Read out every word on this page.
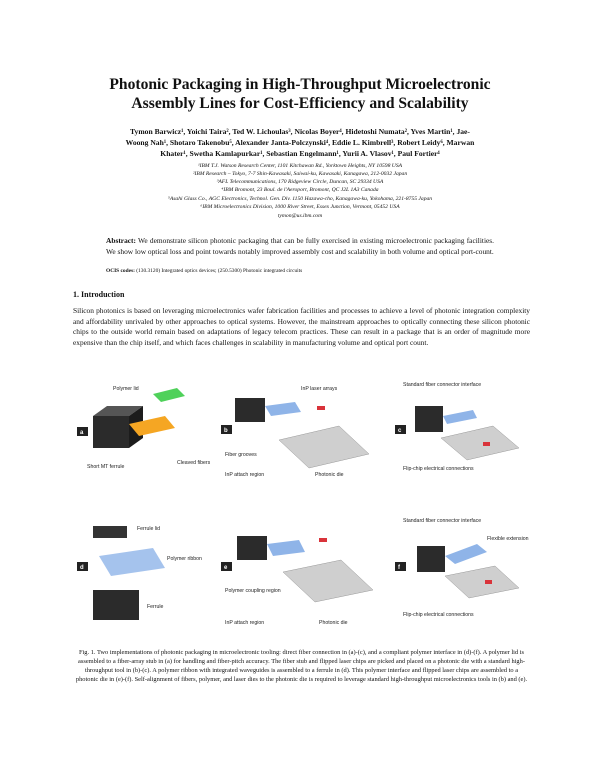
Photonic Packaging in High-Throughput Microelectronic
Assembly Lines for Cost-Efficiency and Scalability
Tymon Barwicz¹, Yoichi Taira², Ted W. Lichoulas³, Nicolas Boyer⁴, Hidetoshi Numata², Yves Martin¹, Jae-
Woong Nah¹, Shotaro Takenobu⁵, Alexander Janta-Polczynski⁴, Eddie L. Kimbrell³, Robert Leidy⁶, Marwan
Khater¹, Swetha Kamlapurkar¹, Sebastian Engelmann¹, Yurii A. Vlasov¹, Paul Fortier⁴
¹IBM T.J. Watson Research Center, 1101 Kitchawan Rd., Yorktown Heights, NY 10598 USA
²IBM Research – Tokyo, 7-7 Shin-Kawasaki, Saiwai-ku, Kawasaki, Kanagawa, 212-0032 Japan
³AFL Telecommunications, 170 Ridgeview Circle, Duncan, SC 29334 USA
⁴IBM Bromont, 23 Boul. de l'Aeroport, Bromont, QC J2L 1A3 Canada
⁵Asahi Glass Co., AGC Electronics, Technol. Gen. Div. 1150 Hazawa-cho, Kanagawa-ku, Yokohama, 221-8755 Japan
⁶IBM Microelectronics Division, 1000 River Street, Essex Junction, Vermont, 05452 USA
tymon@us.ibm.com
Abstract: We demonstrate silicon photonic packaging that can be fully exercised in existing microelectronic packaging facilities. We show low optical loss and point towards notably improved assembly cost and scalability in both volume and optical port-count.
OCIS codes: (130.3120) Integrated optics devices; (250.5300) Photonic integrated circuits
1. Introduction
Silicon photonics is based on leveraging microelectronics wafer fabrication facilities and processes to achieve a level of photonic integration complexity and affordability unrivaled by other approaches to optical systems. However, the mainstream approaches to optically connecting these silicon photonic chips to the outside world remain based on adaptations of legacy telecom practices. These can result in a package that is an order of magnitude more expensive than the chip itself, and which faces challenges in scalability in manufacturing volume and optical port count.
a
Polymer lid
Short MT ferrule
Cleaved fibers
b
InP laser arrays
Fiber grooves
InP attach region	Photonic die
c
Standard fiber connector interface
Flip-chip electrical connections
d
Ferrule lid
Polymer ribbon
Ferrule
e
Polymer coupling region
InP attach region	Photonic die
f
Standard fiber connector interface
Flexible extension
Flip-chip electrical connections
Fig. 1. Two implementations of photonic packaging in microelectronic tooling: direct fiber connection in (a)-(c), and a compliant polymer interface in (d)-(f). A polymer lid is assembled to a fiber-array stub in (a) for handling and fiber-pitch accuracy. The fiber stub and flipped laser chips are picked and placed on a photonic die with a standard high-throughput tool in (b)-(c). A polymer ribbon with integrated waveguides is assembled to a ferrule in (d). This polymer interface and flipped laser chips are assembled to a photonic die in (e)-(f). Self-alignment of fibers, polymer, and laser dies to the photonic die is required to leverage standard high-throughput microelectronics tools in (b) and (e).
